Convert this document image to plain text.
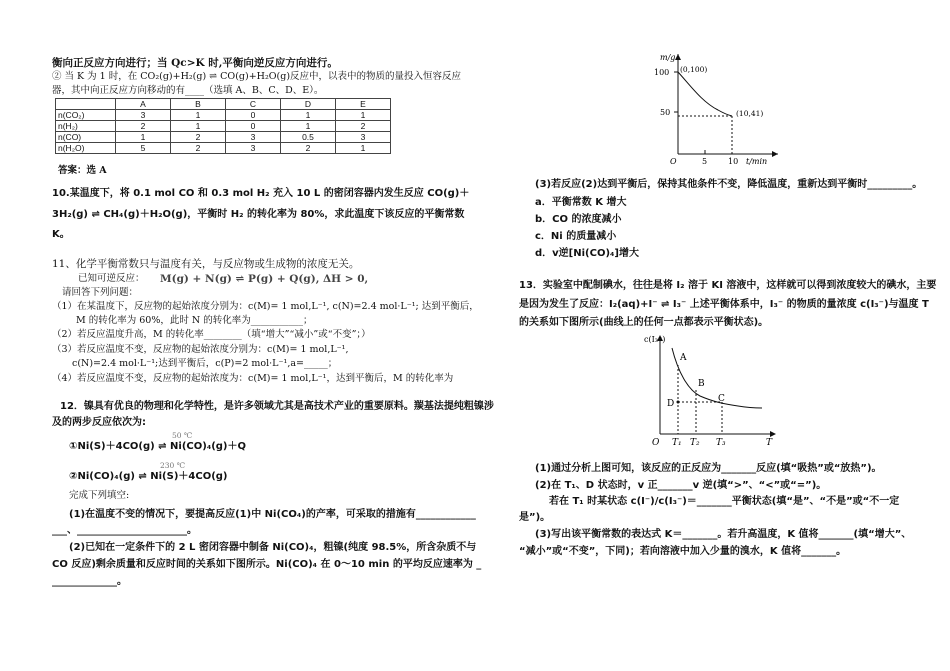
衡向正反应方向进行；当 Qc>K 时,平衡向逆反应方向进行。
② 当 K 为 1 时，在 CO₂(g)+H₂(g) ⇌ CO(g)+H₂O(g)反应中，以表中的物质的量投入恒容反应
器，其中向正反应方向移动的有____（选填 A、B、C、D、E）。
	A	B	C	D	E
n(CO₂)	3	1	0	1	1
n(H₂)	2	1	0	1	2
n(CO)	1	2	3	0.5	3
n(H₂O)	5	2	3	2	1
答案：选 A
10.某温度下，将 0.1 mol CO 和 0.3 mol H₂ 充入 10 L 的密闭容器内发生反应 CO(g)＋
3H₂(g) ⇌ CH₄(g)＋H₂O(g)，平衡时 H₂ 的转化率为 80%，求此温度下该反应的平衡常数
K。
11、化学平衡常数只与温度有关，与反应物或生成物的浓度无关。
已知可逆反应： M(g) + N(g) ⇌ P(g) + Q(g), ΔH > 0,
请回答下列问题：
（1）在某温度下，反应物的起始浓度分别为：c(M)= 1 mol,L⁻¹, c(N)=2.4 mol·L⁻¹; 达到平衡后，
M 的转化率为 60%，此时 N 的转化率为___________；
（2）若反应温度升高，M 的转化率________（填“增大”“减小”或“不变”；）
（3）若反应温度不变，反应物的起始浓度分别为：c(M)= 1 mol,L⁻¹,
c(N)=2.4 mol·L⁻¹;达到平衡后，c(P)=2 mol·L⁻¹,a=_____；
（4）若反应温度不变，反应物的起始浓度为：c(M)= 1 mol,L⁻¹，达到平衡后，M 的转化率为
12．镍具有优良的物理和化学特性，是许多领域尤其是高技术产业的重要原料。羰基法提纯粗镍涉
及的两步反应依次为:
①Ni(S)＋4CO(g) ⇌ Ni(CO)₄(g)＋Q
50 ℃
②Ni(CO)₄(g) ⇌ Ni(S)＋4CO(g)
230 ℃
完成下列填空:
(1)在温度不变的情况下，要提高反应(1)中 Ni(CO₄)的产率，可采取的措施有____________
___、______________________。
(2)已知在一定条件下的 2 L 密闭容器中制备 Ni(CO)₄，粗镍(纯度 98.5%，所含杂质不与
CO 反应)剩余质量和反应时间的关系如下图所示。Ni(CO)₄ 在 0～10 min 的平均反应速率为 _
_____________。
m/g
100
50
O	5	10 t/min
(0,100)
(10,41)
(3)若反应(2)达到平衡后，保持其他条件不变，降低温度，重新达到平衡时_________。
a．平衡常数 K 增大
b．CO 的浓度减小
c．Ni 的质量减小
d．v逆[Ni(CO)₄]增大
13．实验室中配制碘水，往往是将 I₂ 溶于 KI 溶液中，这样就可以得到浓度较大的碘水，主要
是因为发生了反应：I₂(aq)+I⁻ ⇌ I₃⁻ 上述平衡体系中，I₃⁻ 的物质的量浓度 c(I₃⁻)与温度 T
的关系如下图所示(曲线上的任何一点都表示平衡状态)。
c(I₃⁻)
A
B
C
D
O T₁ T₂ T₃	T
(1)通过分析上图可知，该反应的正反应为_______反应(填“吸热”或“放热”)。
(2)在 T₁、D 状态时，v 正_______v 逆(填“>”、“<”或“=”)。
若在 T₁ 时某状态 c(I⁻)/c(I₃⁻)＝_______平衡状态(填“是”、“不是”或“不一定
是”)。
(3)写出该平衡常数的表达式 K＝_______。若升高温度，K 值将_______(填“增大”、
“减小”或“不变”，下同)；若向溶液中加入少量的溴水，K 值将_______。
